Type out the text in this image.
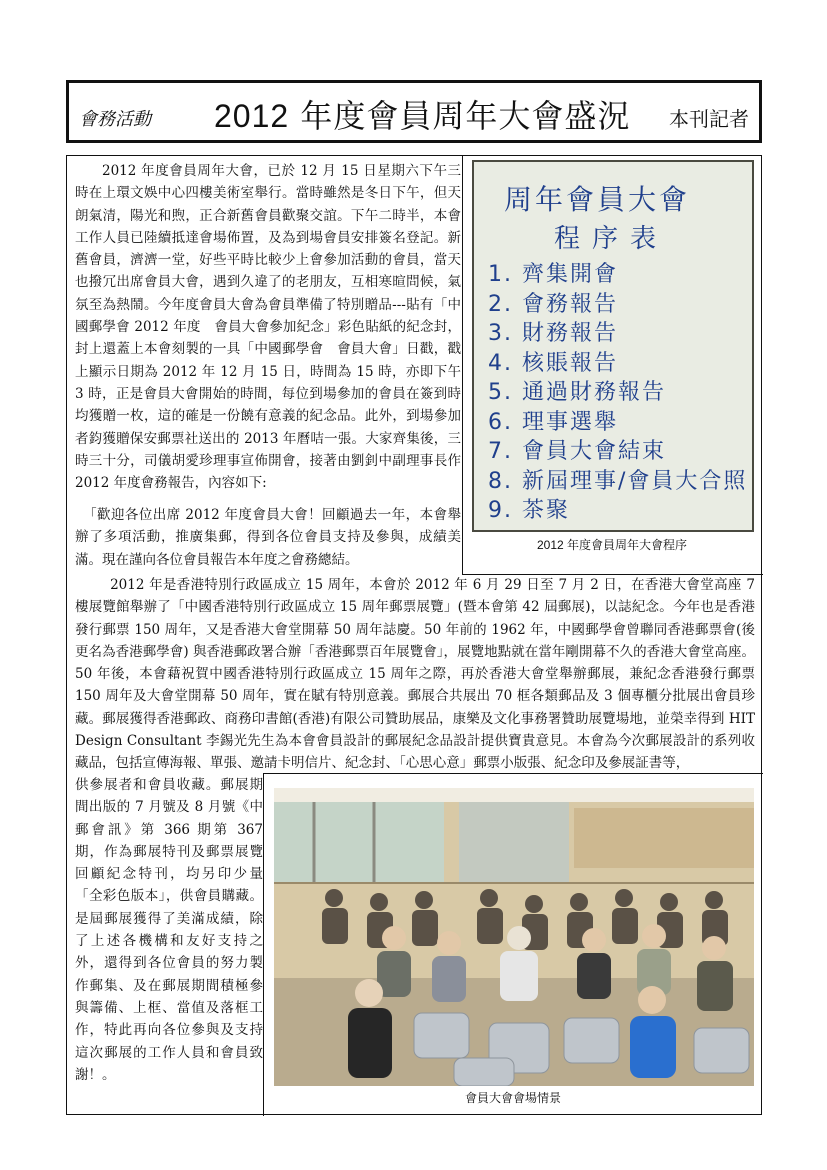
會務活動 2012 年度會員周年大會盛況 本刊記者

2012 年度會員周年大會，已於 12 月 15 日星期六下午三時在上環文娛中心四樓美術室舉行。當時雖然是冬日下午，但天朗氣清，陽光和煦，正合新舊會員歡聚交誼。下午二時半，本會工作人員已陸續抵達會場佈置，及為到場會員安排簽名登記。新舊會員，濟濟一堂，好些平時比較少上會參加活動的會員，當天也撥冗出席會員大會，遇到久違了的老朋友，互相寒暄問候，氣氛至為熱鬧。今年度會員大會為會員準備了特別贈品---貼有「中國郵學會 2012 年度　會員大會參加紀念」彩色貼紙的紀念封，封上還蓋上本會刻製的一具「中國郵學會　會員大會」日戳，戳上顯示日期為 2012 年 12 月 15 日，時間為 15 時，亦即下午 3 時，正是會員大會開始的時間，每位到場參加的會員在簽到時均獲贈一枚，這的確是一份饒有意義的紀念品。此外，到場參加者鈞獲贈保安郵票社送出的 2013 年曆咭一張。大家齊集後，三時三十分，司儀胡愛珍理事宣佈開會，接著由劉釗中副理事長作 2012 年度會務報告，內容如下:

「歡迎各位出席 2012 年度會員大會！回顧過去一年，本會舉辦了多項活動，推廣集郵，得到各位會員支持及參與，成績美滿。現在謹向各位會員報告本年度之會務總結。

2012 年是香港特別行政區成立 15 周年，本會於 2012 年 6 月 29 日至 7 月 2 日，在香港大會堂高座 7 樓展覽館舉辦了「中國香港特別行政區成立 15 周年郵票展覽」(暨本會第 42 屆郵展)，以誌紀念。今年也是香港發行郵票 150 周年，又是香港大會堂開幕 50 周年誌慶。50 年前的 1962 年，中國郵學會曾聯同香港郵票會(後更名為香港郵學會) 與香港郵政署合辦「香港郵票百年展覽會」，展覽地點就在當年剛開幕不久的香港大會堂高座。50 年後，本會藉祝賀中國香港特別行政區成立 15 周年之際，再於香港大會堂舉辦郵展，兼紀念香港發行郵票 150 周年及大會堂開幕 50 周年，實在賦有特別意義。郵展合共展出 70 框各類郵品及 3 個專櫃分批展出會員珍藏。郵展獲得香港郵政、商務印書館(香港)有限公司贊助展品，康樂及文化事務署贊助展覽場地，並榮幸得到 HIT Design Consultant 李錫光先生為本會會員設計的郵展紀念品設計提供寶貴意見。本會為今次郵展設計的系列收藏品，包括宣傳海報、單張、邀請卡明信片、紀念封、「心思心意」郵票小版張、紀念印及參展証書等，

供參展者和會員收藏。郵展期間出版的 7 月號及 8 月號《中郵會訊》第 366 期第 367 期，作為郵展特刊及郵票展覽回顧紀念特刊，均另印少量「全彩色版本」，供會員購藏。是屆郵展獲得了美滿成績，除了上述各機構和友好支持之外，還得到各位會員的努力製作郵集、及在郵展期間積極參與籌備、上框、當值及落框工作，特此再向各位參與及支持這次郵展的工作人員和會員致謝！。

周年會員大會
程序表
1. 齊集開會
2. 會務報告
3. 財務報告
4. 核賬報告
5. 通過財務報告
6. 理事選舉
7. 會員大會結束
8. 新屆理事/會員大合照
9. 茶聚
2012 年度會員周年大會程序
會員大會會場情景
